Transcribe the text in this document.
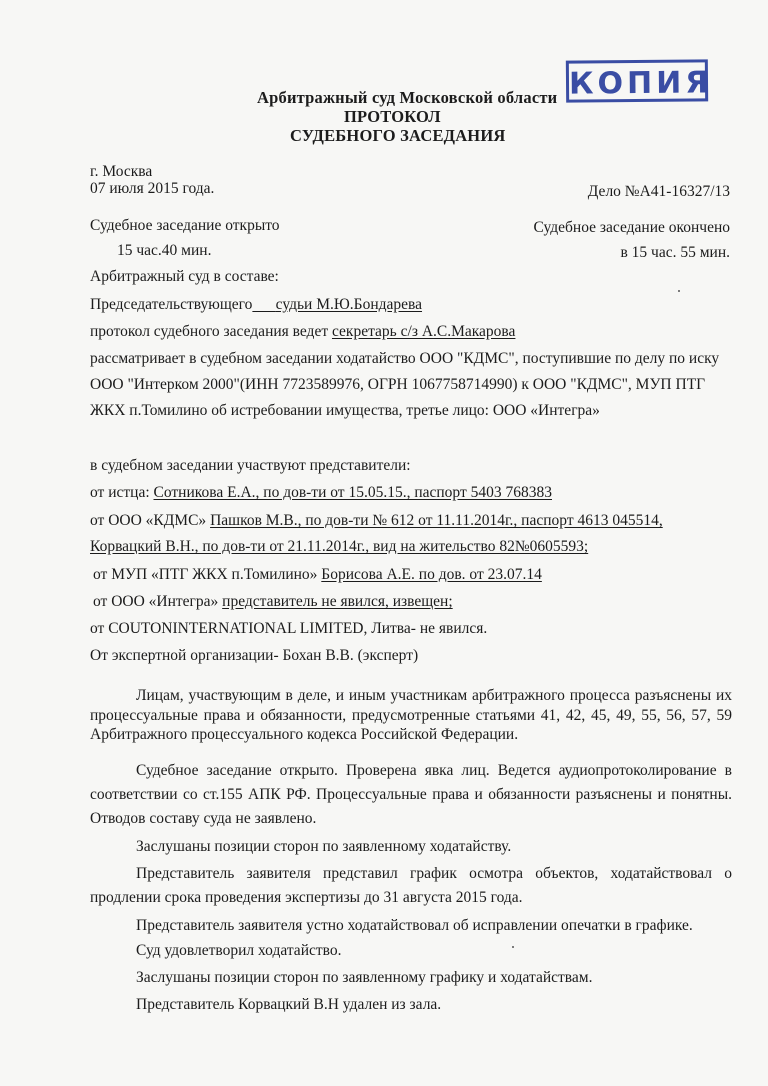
Арбитражный суд Московской области КОПИЯ
ПРОТОКОЛ
СУДЕБНОГО ЗАСЕДАНИЯ
г. Москва
07 июля 2015 года.	Дело №А41-16327/13
Судебное заседание открыто	Судебное заседание окончено
15 час.40 мин.	в 15 час. 55 мин.
Арбитражный суд в составе:
Председательствующего судьи М.Ю.Бондарева
протокол судебного заседания ведет секретарь с/з А.С.Макарова
рассматривает в судебном заседании ходатайство ООО "КДМС", поступившие по делу по иску
ООО "Интерком 2000"(ИНН 7723589976, ОГРН 1067758714990) к ООО "КДМС", МУП ПТГ
ЖКХ п.Томилино об истребовании имущества, третье лицо: ООО «Интегра»
в судебном заседании участвуют представители:
от истца: Сотникова Е.А., по дов-ти от 15.05.15., паспорт 5403 768383
от ООО «КДМС» Пашков М.В., по дов-ти № 612 от 11.11.2014г., паспорт 4613 045514,
Корвацкий В.Н., по дов-ти от 21.11.2014г., вид на жительство 82№0605593;
от МУП «ПТГ ЖКХ п.Томилино» Борисова А.Е. по дов. от 23.07.14
от ООО «Интегра» представитель не явился, извещен;
от COUTONINTERNATIONAL LIMITED, Литва- не явился.
От экспертной организации- Бохан В.В. (эксперт)
Лицам, участвующим в деле, и иным участникам арбитражного процесса разъяснены их процессуальные права и обязанности, предусмотренные статьями 41, 42, 45, 49, 55, 56, 57, 59 Арбитражного процессуального кодекса Российской Федерации.
Судебное заседание открыто. Проверена явка лиц. Ведется аудиопротоколирование в соответствии со ст.155 АПК РФ. Процессуальные права и обязанности разъяснены и понятны. Отводов составу суда не заявлено.
Заслушаны позиции сторон по заявленному ходатайству.
Представитель заявителя представил график осмотра объектов, ходатайствовал о продлении срока проведения экспертизы до 31 августа 2015 года.
Представитель заявителя устно ходатайствовал об исправлении опечатки в графике.
Суд удовлетворил ходатайство.
Заслушаны позиции сторон по заявленному графику и ходатайствам.
Представитель Корвацкий В.Н удален из зала.
